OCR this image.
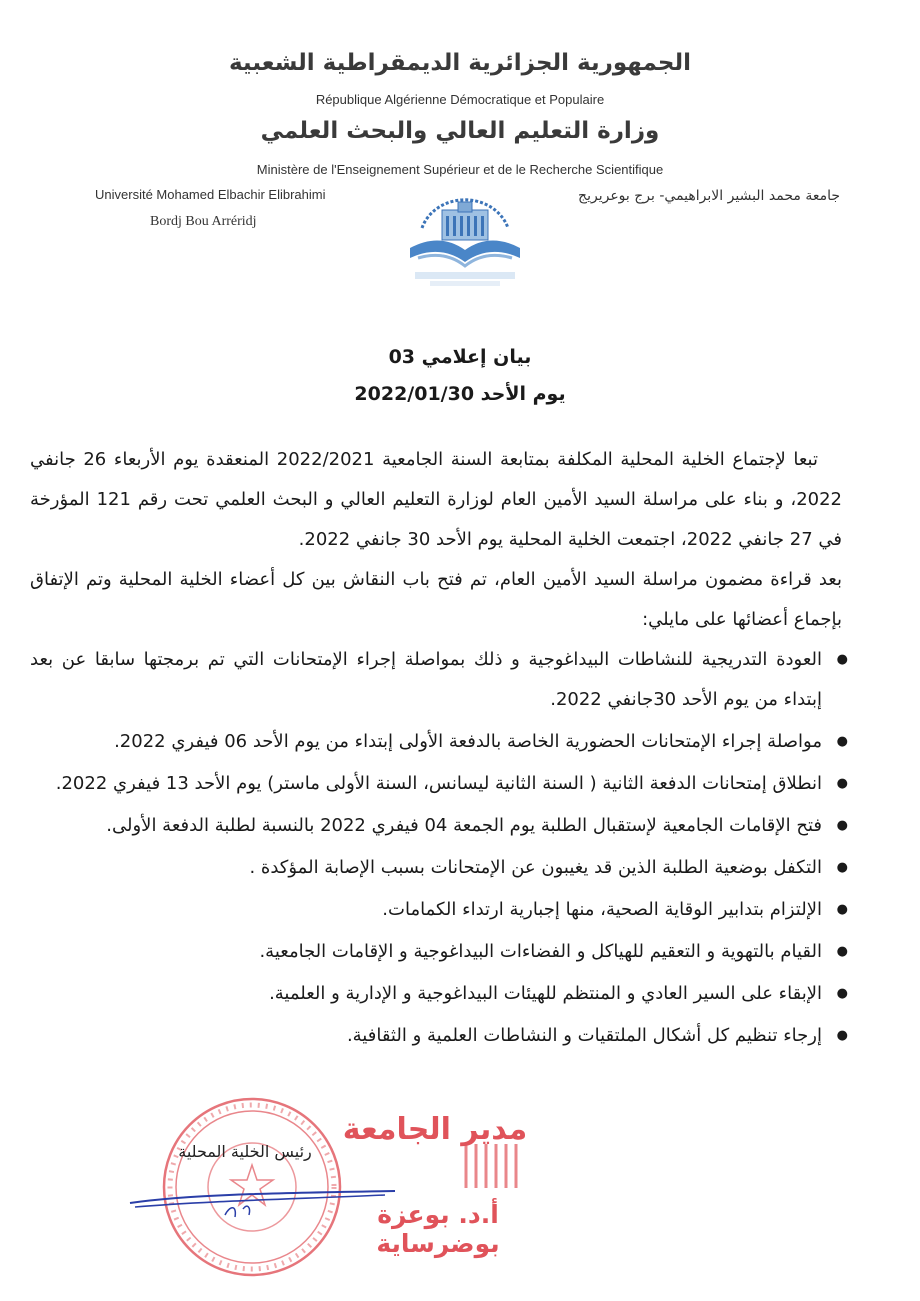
الجمهورية الجزائرية الديمقراطية الشعبية
République Algérienne Démocratique et Populaire
وزارة التعليم العالي والبحث العلمي
Ministère de l'Enseignement Supérieur et de le Recherche Scientifique
Université Mohamed Elbachir Elibrahimi
Bordj Bou Arréridj
جامعة محمد البشير الابراهيمي- برج بوعريريج
بيان إعلامي 03
يوم الأحد 2022/01/30
تبعا لإجتماع الخلية المحلية المكلفة بمتابعة السنة الجامعية 2022/2021 المنعقدة يوم الأربعاء 26 جانفي 2022، و بناء على مراسلة السيد الأمين العام لوزارة التعليم العالي و البحث العلمي تحت رقم 121 المؤرخة في 27 جانفي 2022، اجتمعت الخلية المحلية يوم الأحد 30 جانفي 2022.
بعد قراءة مضمون مراسلة السيد الأمين العام، تم فتح باب النقاش بين كل أعضاء الخلية المحلية وتم الإتفاق بإجماع أعضائها على مايلي:
● العودة التدريجية للنشاطات البيداغوجية و ذلك بمواصلة إجراء الإمتحانات التي تم برمجتها سابقا عن بعد إبتداء من يوم الأحد 30جانفي 2022.
● مواصلة إجراء الإمتحانات الحضورية الخاصة بالدفعة الأولى إبتداء من يوم الأحد 06 فيفري 2022.
● انطلاق إمتحانات الدفعة الثانية ( السنة الثانية ليسانس، السنة الأولى ماستر) يوم الأحد 13 فيفري 2022.
● فتح الإقامات الجامعية لإستقبال الطلبة يوم الجمعة 04 فيفري 2022 بالنسبة لطلبة الدفعة الأولى.
● التكفل بوضعية الطلبة الذين قد يغيبون عن الإمتحانات بسبب الإصابة المؤكدة .
● الإلتزام بتدابير الوقاية الصحية، منها إجبارية ارتداء الكمامات.
● القيام بالتهوية و التعقيم للهياكل و الفضاءات البيداغوجية و الإقامات الجامعية.
● الإبقاء على السير العادي و المنتظم للهيئات البيداغوجية و الإدارية و العلمية.
● إرجاء تنظيم كل أشكال الملتقيات و النشاطات العلمية و الثقافية.
مدير الجامعة
رئيس الخلية المحلية
أ.د. بوعزة بوضرساية
